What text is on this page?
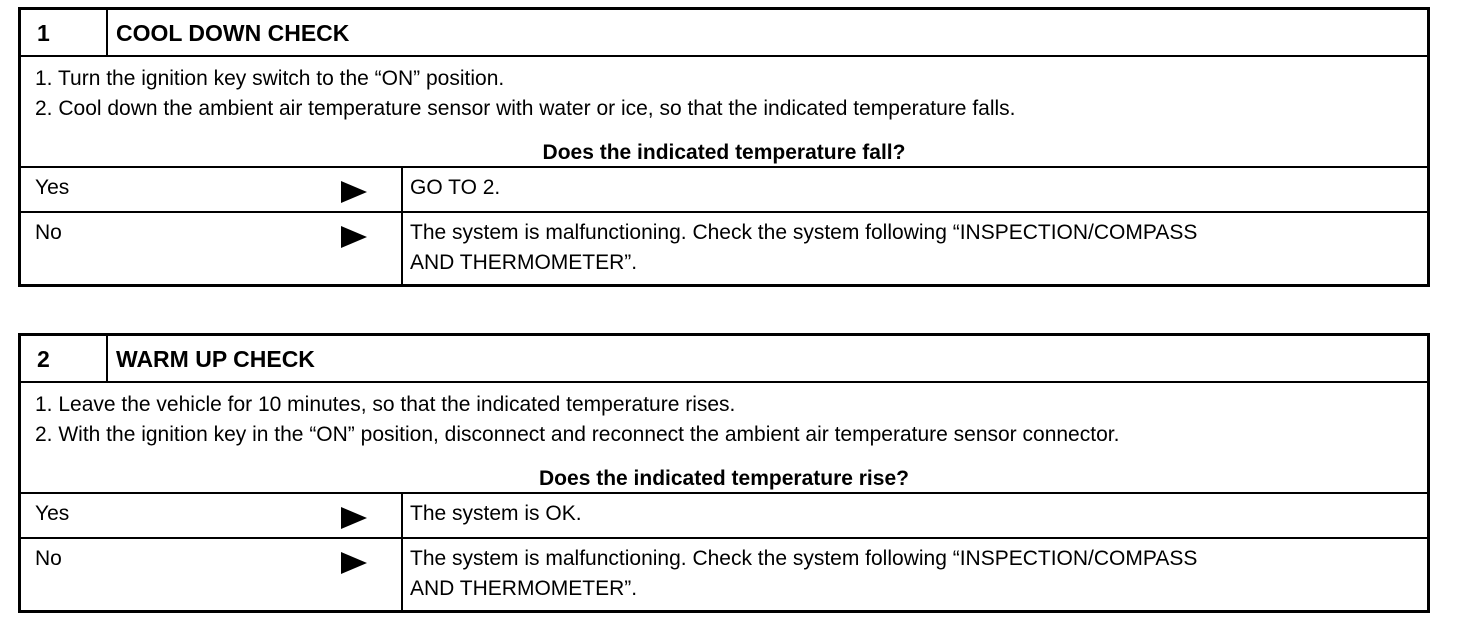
1	COOL DOWN CHECK
1. Turn the ignition key switch to the “ON” position.
2. Cool down the ambient air temperature sensor with water or ice, so that the indicated temperature falls.
Does the indicated temperature fall?
Yes	GO TO 2.
No	The system is malfunctioning. Check the system following “INSPECTION/COMPASS
AND THERMOMETER”.
2	WARM UP CHECK
1. Leave the vehicle for 10 minutes, so that the indicated temperature rises.
2. With the ignition key in the “ON” position, disconnect and reconnect the ambient air temperature sensor connector.
Does the indicated temperature rise?
Yes	The system is OK.
No	The system is malfunctioning. Check the system following “INSPECTION/COMPASS
AND THERMOMETER”.
